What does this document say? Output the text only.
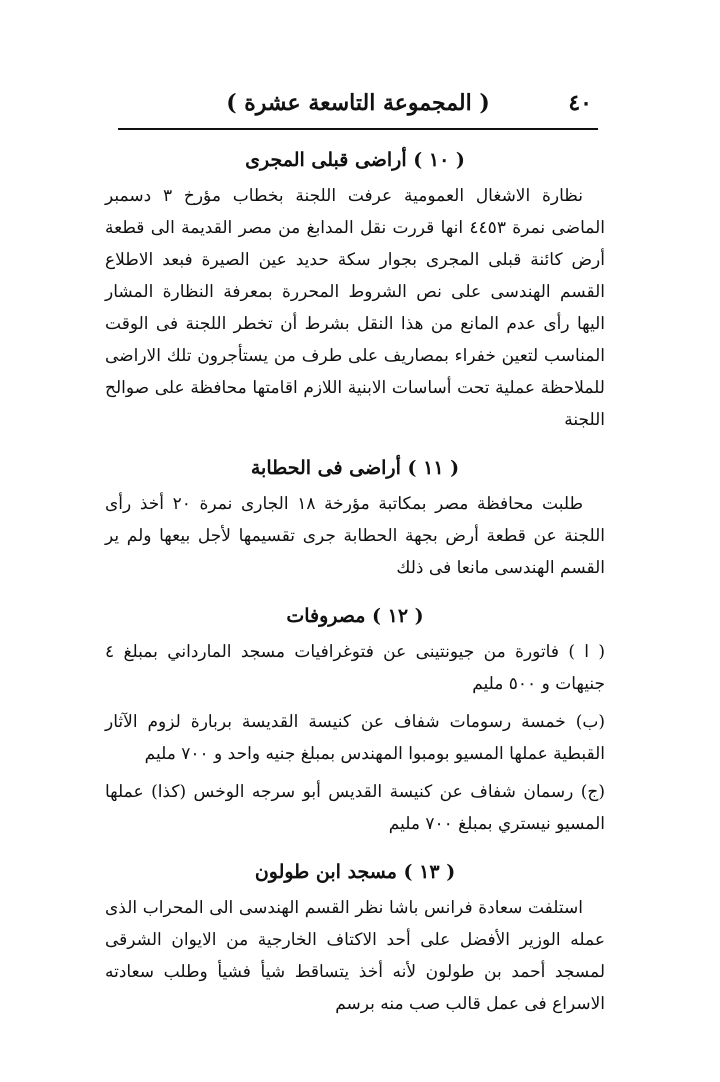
٤٠
( المجموعة التاسعة عشرة )
( ١٠ ) أراضى قبلى المجرى
نظارة الاشغال العمومية عرفت اللجنة بخطاب مؤرخ ٣ دسمبر الماضى نمرة ٤٤٥٣ انها قررت نقل المدابغ من مصر القديمة الى قطعة أرض كائنة قبلى المجرى بجوار سكة حديد عين الصيرة فبعد الاطلاع القسم الهندسى على نص الشروط المحررة بمعرفة النظارة المشار اليها رأى عدم المانع من هذا النقل بشرط أن تخطر اللجنة فى الوقت المناسب لتعين خفراء بمصاريف على طرف من يستأجرون تلك الاراضى للملاحظة عملية تحت أساسات الابنية اللازم اقامتها محافظة على صوالح اللجنة
( ١١ ) أراضى فى الحطابة
طلبت محافظة مصر بمكاتبة مؤرخة ١٨ الجارى نمرة ٢٠ أخذ رأى اللجنة عن قطعة أرض بجهة الحطابة جرى تقسيمها لأجل بيعها ولم ير القسم الهندسى مانعا فى ذلك
( ١٢ ) مصروفات
( ا ) فاتورة من جيونتينى عن فتوغرافيات مسجد المارداني بمبلغ ٤ جنيهات و ٥٠٠ مليم
(ب) خمسة رسومات شفاف عن كنيسة القديسة بربارة لزوم الآثار القبطية عملها المسيو بومبوا المهندس بمبلغ جنيه واحد و ٧٠٠ مليم
(ج) رسمان شفاف عن كنيسة القديس أبو سرجه الوخس (كذا) عملها المسيو نيستري بمبلغ ٧٠٠ مليم
( ١٣ ) مسجد ابن طولون
استلفت سعادة فرانس باشا نظر القسم الهندسى الى المحراب الذى عمله الوزير الأفضل على أحد الاكتاف الخارجية من الايوان الشرقى لمسجد أحمد بن طولون لأنه أخذ يتساقط شيأ فشيأ وطلب سعادته الاسراع فى عمل قالب صب منه برسم
